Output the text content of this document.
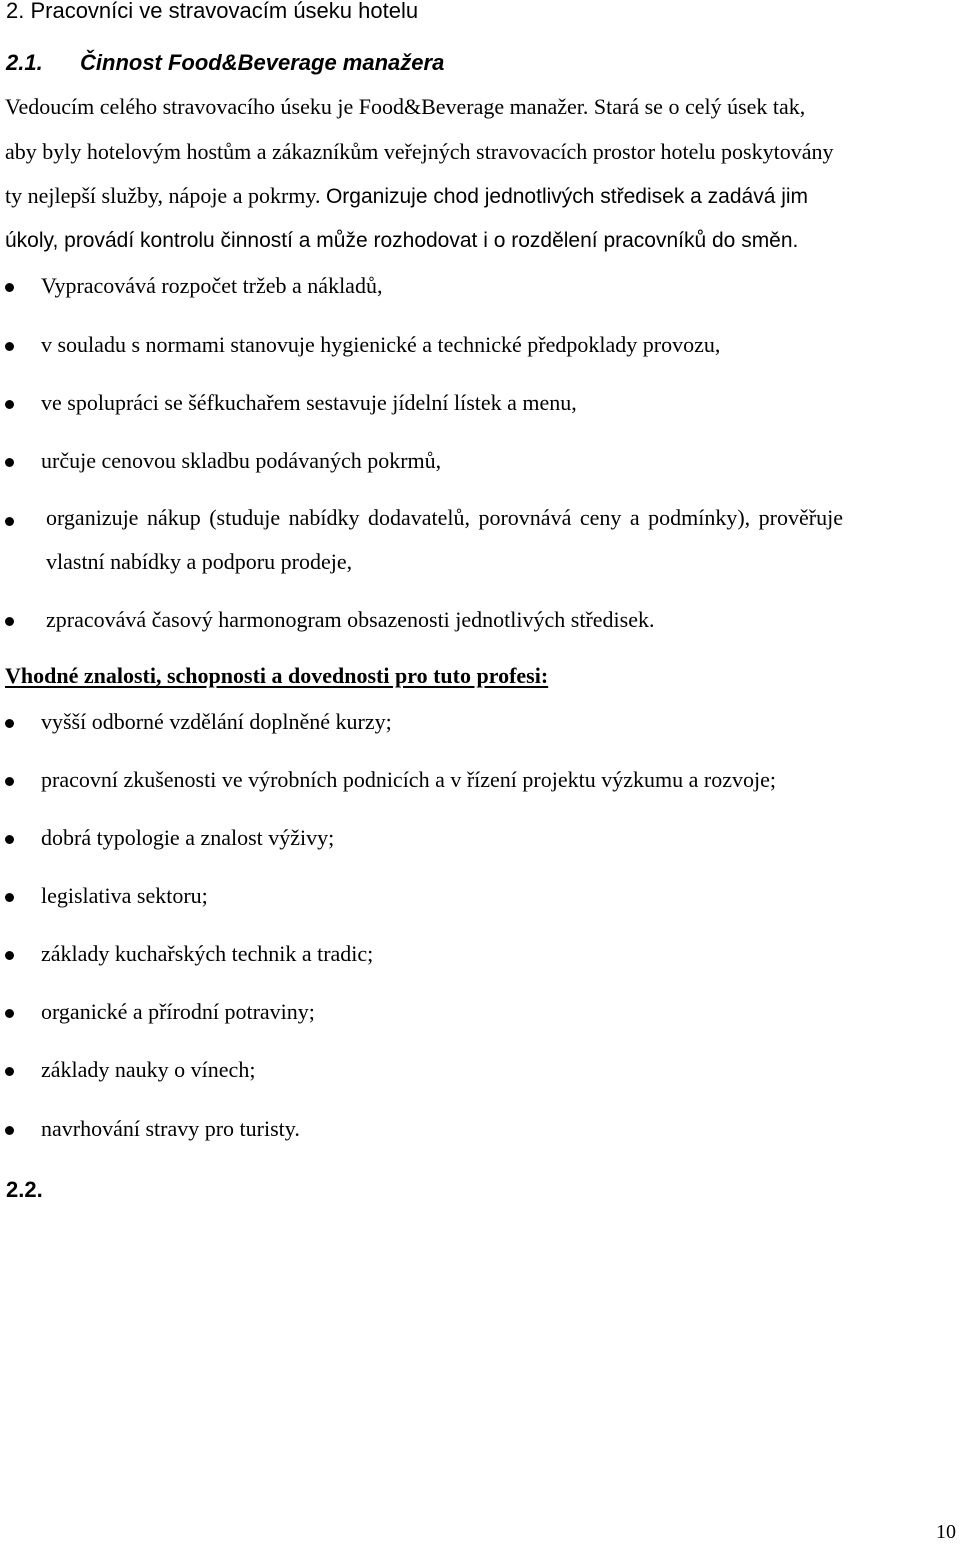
2. Pracovníci ve stravovacím úseku hotelu
2.1. Činnost Food&Beverage manažera
Vedoucím celého stravovacího úseku je Food&Beverage manažer. Stará se o celý úsek tak,
aby byly hotelovým hostům a zákazníkům veřejných stravovacích prostor hotelu poskytovány
ty nejlepší služby, nápoje a pokrmy. Organizuje chod jednotlivých středisek a zadává jim
úkoly, provádí kontrolu činností a může rozhodovat i o rozdělení pracovníků do směn.
Vypracovává rozpočet tržeb a nákladů,
v souladu s normami stanovuje hygienické a technické předpoklady provozu,
ve spolupráci se šéfkuchařem sestavuje jídelní lístek a menu,
určuje cenovou skladbu podávaných pokrmů,
organizuje nákup (studuje nabídky dodavatelů, porovnává ceny a podmínky), prověřuje
vlastní nabídky a podporu prodeje,
zpracovává časový harmonogram obsazenosti jednotlivých středisek.
Vhodné znalosti, schopnosti a dovednosti pro tuto profesi:
vyšší odborné vzdělání doplněné kurzy;
pracovní zkušenosti ve výrobních podnicích a v řízení projektu výzkumu a rozvoje;
dobrá typologie a znalost výživy;
legislativa sektoru;
základy kuchařských technik a tradic;
organické a přírodní potraviny;
základy nauky o vínech;
navrhování stravy pro turisty.
2.2.
10
